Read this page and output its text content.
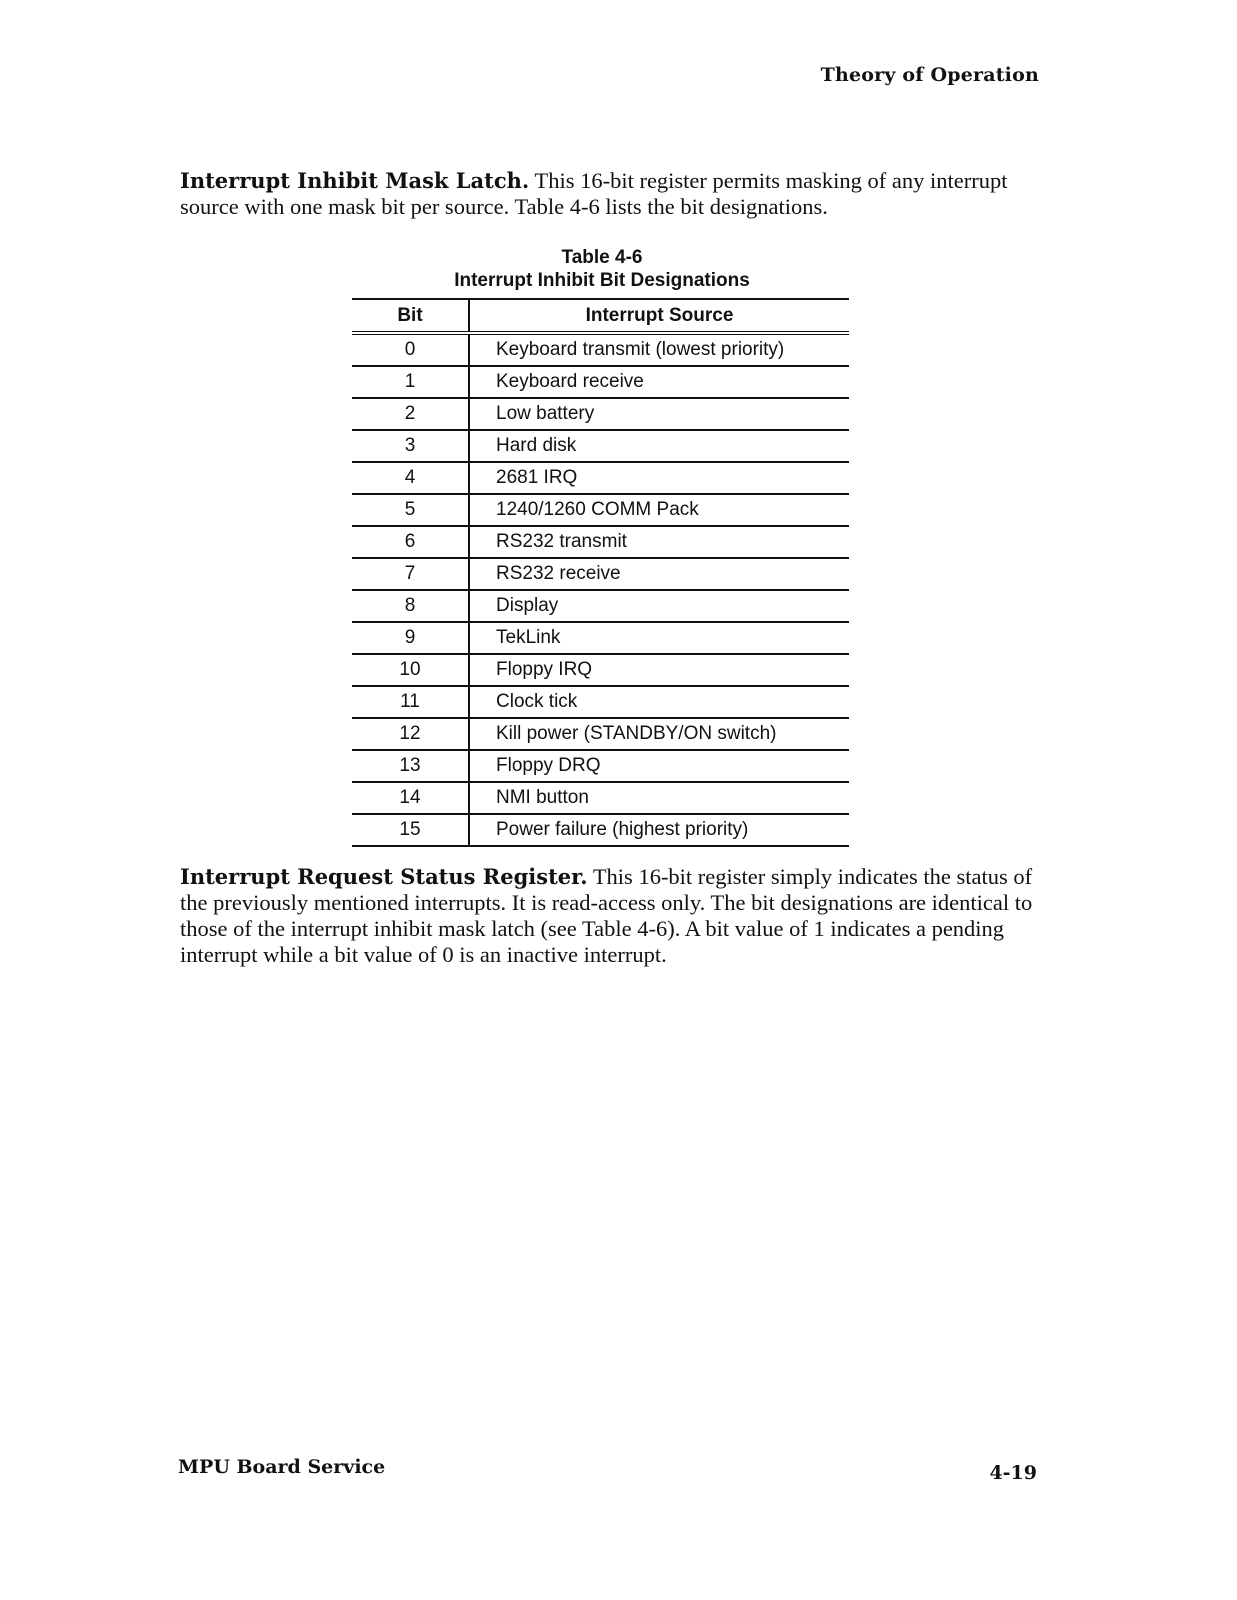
Theory of Operation

Interrupt Inhibit Mask Latch. This 16-bit register permits masking of any interrupt source with one mask bit per source. Table 4-6 lists the bit designations.

Table 4-6
Interrupt Inhibit Bit Designations
Bit	Interrupt Source
0	Keyboard transmit (lowest priority)
1	Keyboard receive
2	Low battery
3	Hard disk
4	2681 IRQ
5	1240/1260 COMM Pack
6	RS232 transmit
7	RS232 receive
8	Display
9	TekLink
10	Floppy IRQ
11	Clock tick
12	Kill power (STANDBY/ON switch)
13	Floppy DRQ
14	NMI button
15	Power failure (highest priority)

Interrupt Request Status Register. This 16-bit register simply indicates the status of the previously mentioned interrupts. It is read-access only. The bit designations are identical to those of the interrupt inhibit mask latch (see Table 4-6). A bit value of 1 indicates a pending interrupt while a bit value of 0 is an inactive interrupt.

MPU Board Service	4-19
